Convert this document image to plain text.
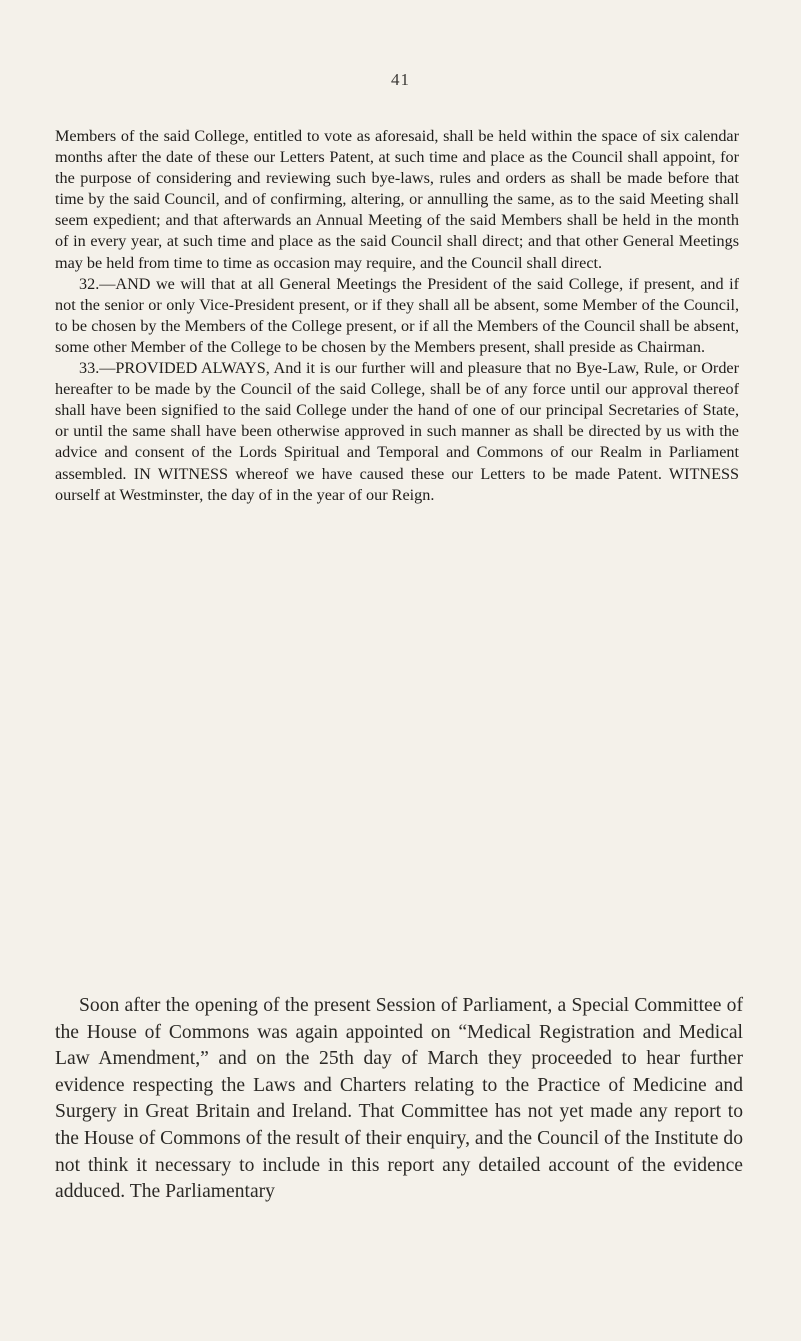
41

Members of the said College, entitled to vote as aforesaid, shall be held within the space of six calendar months after the date of these our Letters Patent, at such time and place as the Council shall appoint, for the purpose of considering and reviewing such bye-laws, rules and orders as shall be made before that time by the said Council, and of confirming, altering, or annulling the same, as to the said Meeting shall seem expedient; and that afterwards an Annual Meeting of the said Members shall be held in the month of in every year, at such time and place as the said Council shall direct; and that other General Meetings may be held from time to time as occasion may require, and the Council shall direct.

32.—AND we will that at all General Meetings the President of the said College, if present, and if not the senior or only Vice-President present, or if they shall all be absent, some Member of the Council, to be chosen by the Members of the College present, or if all the Members of the Council shall be absent, some other Member of the College to be chosen by the Members present, shall preside as Chairman.

33.—PROVIDED ALWAYS, And it is our further will and pleasure that no Bye-Law, Rule, or Order hereafter to be made by the Council of the said College, shall be of any force until our approval thereof shall have been signified to the said College under the hand of one of our principal Secretaries of State, or until the same shall have been otherwise approved in such manner as shall be directed by us with the advice and consent of the Lords Spiritual and Temporal and Commons of our Realm in Parliament assembled. IN WITNESS whereof we have caused these our Letters to be made Patent. WITNESS ourself at Westminster, the day of in the year of our Reign.

Soon after the opening of the present Session of Parliament, a Special Committee of the House of Commons was again appointed on “Medical Registration and Medical Law Amendment,” and on the 25th day of March they proceeded to hear further evidence respecting the Laws and Charters relating to the Practice of Medicine and Surgery in Great Britain and Ireland. That Committee has not yet made any report to the House of Commons of the result of their enquiry, and the Council of the Institute do not think it necessary to include in this report any detailed account of the evidence adduced. The Parliamentary
